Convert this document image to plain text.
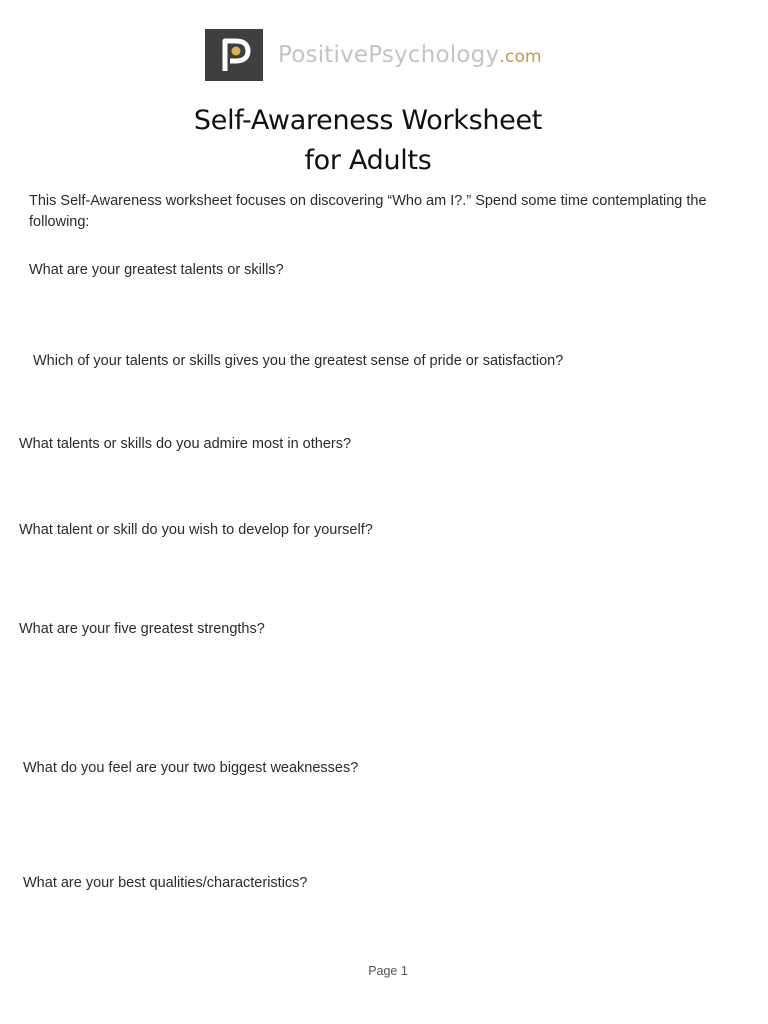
PositivePsychology.com
Self-Awareness Worksheet
for Adults
This Self-Awareness worksheet focuses on discovering “Who am I?.” Spend some time contemplating the following:
What are your greatest talents or skills?
Which of your talents or skills gives you the greatest sense of pride or satisfaction?
What talents or skills do you admire most in others?
What talent or skill do you wish to develop for yourself?
What are your five greatest strengths?
What do you feel are your two biggest weaknesses?
What are your best qualities/characteristics?
Page 1
